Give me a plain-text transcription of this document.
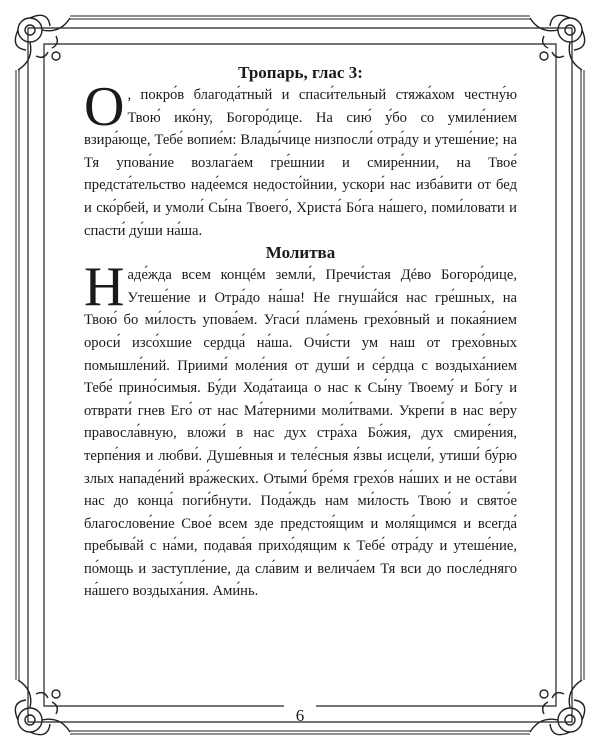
Тропарь, глас 3:

О , покро́в благода́тный и спаси́тельный стяжа́хом честну́ю Твою́ ико́ну, Богоро́дице. На сию́ у́бо со умиле́нием взира́юще, Тебе́ вопие́м: Влады́чице низпосли́ отра́ду и утеше́ние; на Тя упова́ние возлага́ем гре́шнии и смире́ннии, на Твое́ предста́тельство наде́емся недосто́йнии, ускори́ нас изба́вити от бед и ско́рбей, и умоли́ Сы́на Твоего́, Христа́ Бо́га на́шего, поми́ловати и спасти́ ду́ши на́ша.

Молитва

Наде́жда всем концéм земли́, Пречи́стая Дéво Богоро́дице, Утеше́ние и Отра́до на́ша! Не гнуша́йся нас гре́шных, на Твою́ бо ми́лость упова́ем. Угаси́ пла́мень грехо́вный и покая́нием ороси́ изсо́хшие сердца́ на́ша. Очи́сти ум наш от грехо́вных помышле́ний. Приими́ моле́ния от души́ и се́рдца с воздыха́нием Тебе́ прино́симыя. Бу́ди Хода́таица о нас к Сы́ну Твоему́ и Бо́гу и отврати́ гнев Его́ от нас Ма́терними моли́твами. Укрепи́ в нас ве́ру правосла́вную, вложи́ в нас дух стра́ха Бо́жия, дух смире́ния, терпе́ния и любви́. Душе́вныя и теле́сныя я́звы исцели́, утиши́ бу́рю злых нападе́ний вра́жеских. Отыми́ бре́мя грехо́в на́ших и не оста́ви нас до конца́ поги́бнути. Пода́ждь нам ми́лость Твою́ и свято́е благослове́ние Свое́ всем зде предстоя́щим и моля́щимся и всегда́ пребыва́й с на́ми, подава́я прихо́дящим к Тебе́ отра́ду и утеше́ние, по́мощь и заступле́ние, да сла́вим и велича́ем Тя вси до после́дняго на́шего воздыха́ния. Ами́нь.

6
